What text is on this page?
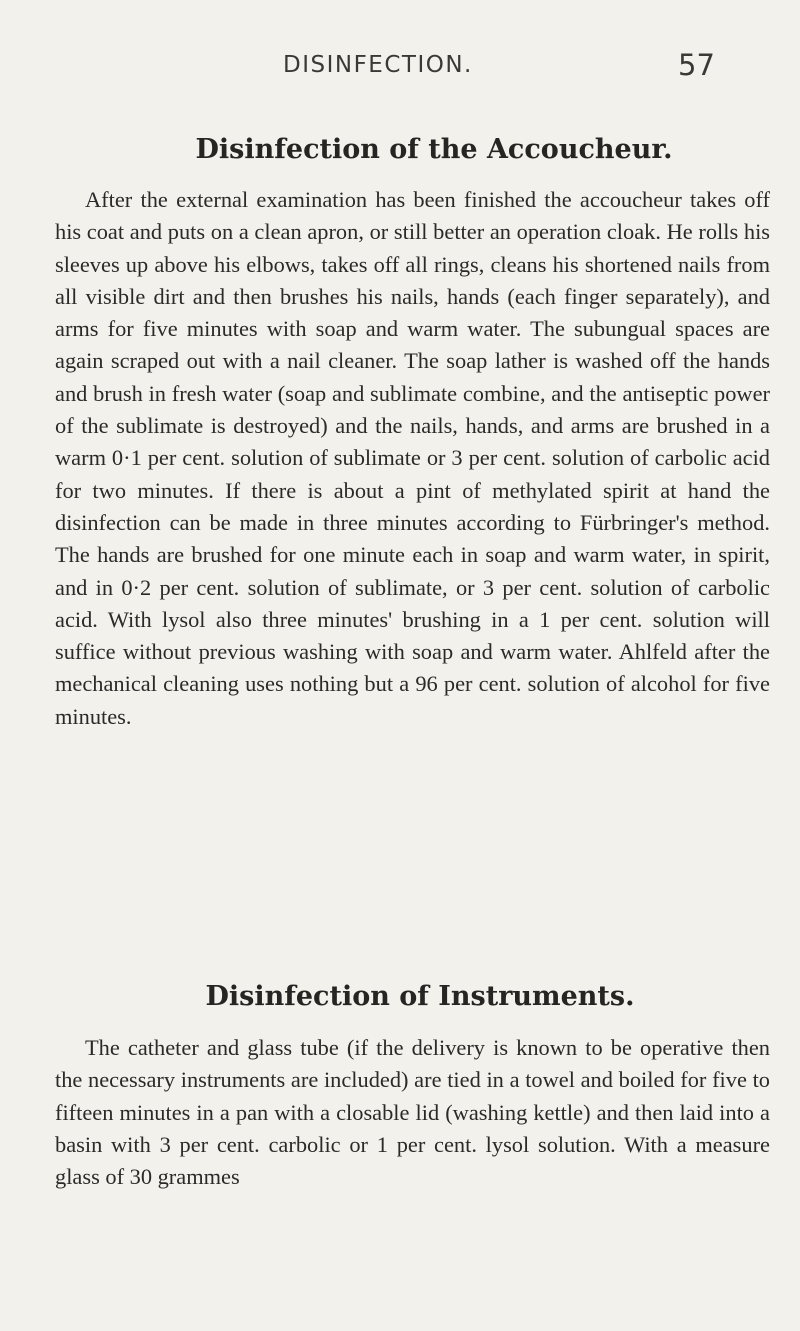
DISINFECTION.	57
Disinfection of the Accoucheur.

After the external examination has been finished the accoucheur takes off his coat and puts on a clean apron, or still better an operation cloak. He rolls his sleeves up above his elbows, takes off all rings, cleans his shortened nails from all visible dirt and then brushes his nails, hands (each finger separately), and arms for five minutes with soap and warm water. The subungual spaces are again scraped out with a nail cleaner. The soap lather is washed off the hands and brush in fresh water (soap and sublimate combine, and the antiseptic power of the sublimate is destroyed) and the nails, hands, and arms are brushed in a warm 0·1 per cent. solution of sublimate or 3 per cent. solution of carbolic acid for two minutes. If there is about a pint of methylated spirit at hand the disinfection can be made in three minutes according to Fürbringer's method. The hands are brushed for one minute each in soap and warm water, in spirit, and in 0·2 per cent. solution of sublimate, or 3 per cent. solution of carbolic acid. With lysol also three minutes' brushing in a 1 per cent. solution will suffice without previous washing with soap and warm water. Ahlfeld after the mechanical cleaning uses nothing but a 96 per cent. solution of alcohol for five minutes.

Disinfection of Instruments.

The catheter and glass tube (if the delivery is known to be operative then the necessary instruments are included) are tied in a towel and boiled for five to fifteen minutes in a pan with a closable lid (washing kettle) and then laid into a basin with 3 per cent. carbolic or 1 per cent. lysol solution. With a measure glass of 30 grammes
